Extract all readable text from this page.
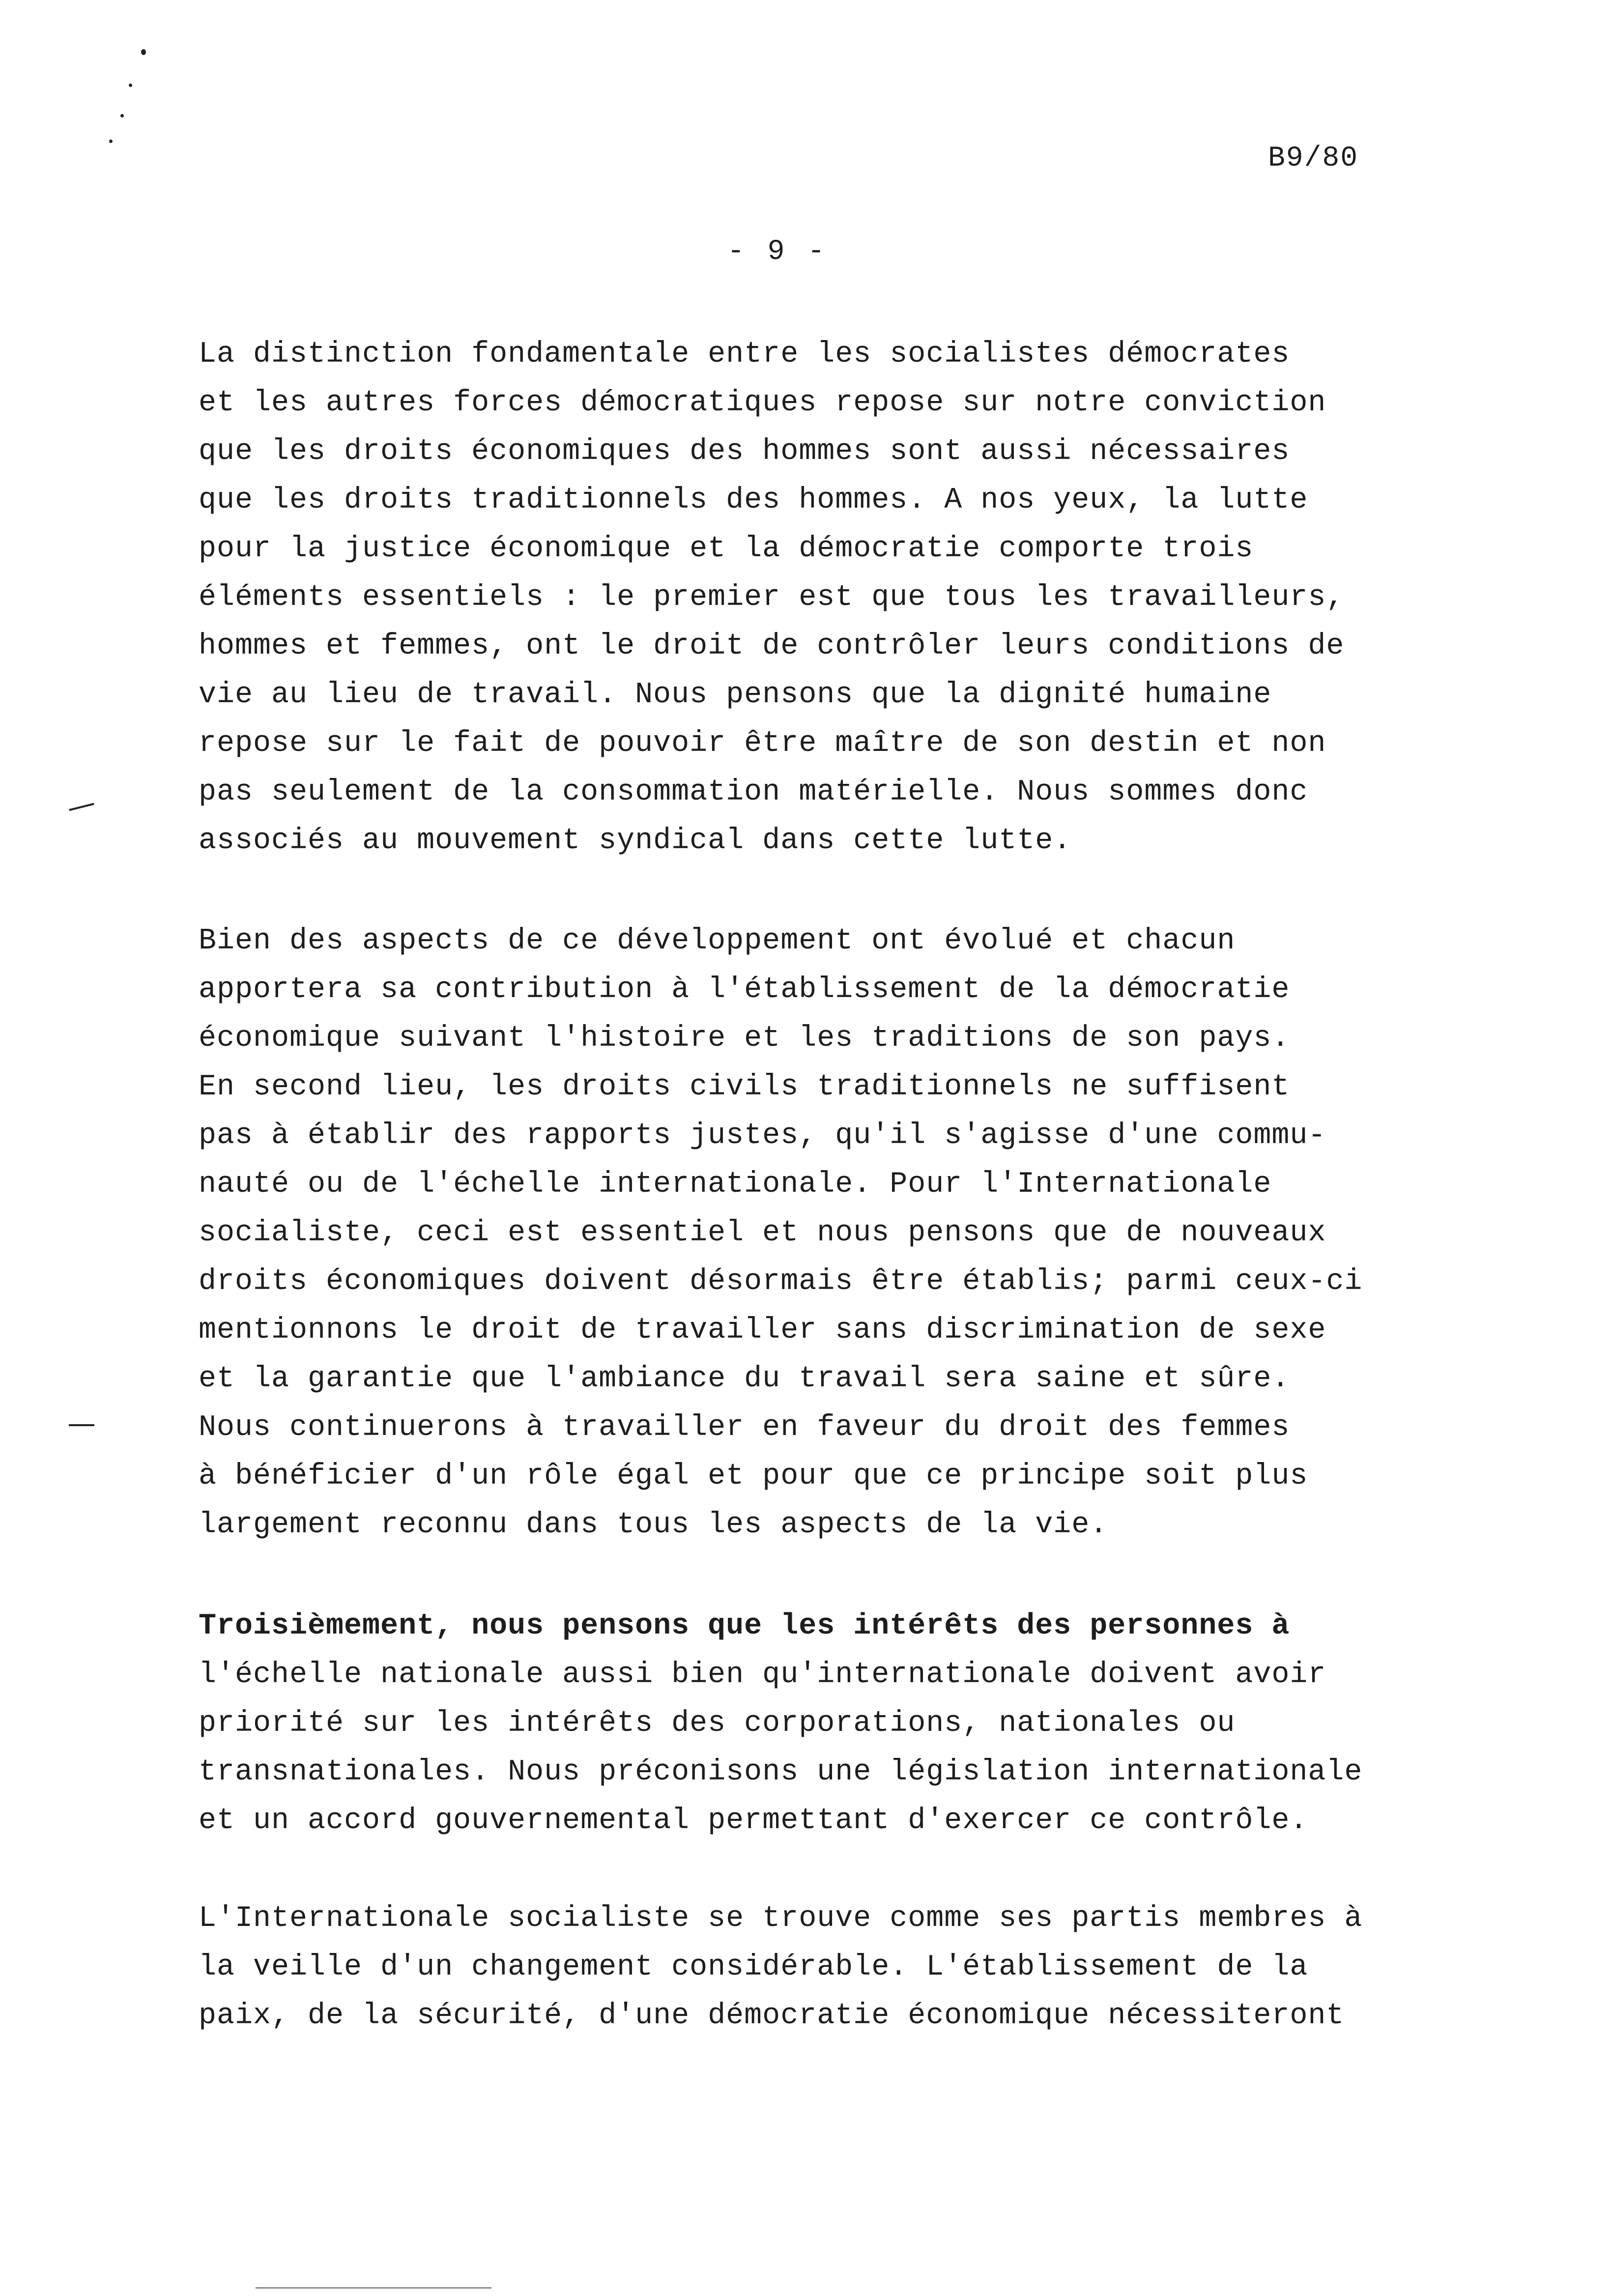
B9/80
- 9 -
La distinction fondamentale entre les socialistes démocrates
et les autres forces démocratiques repose sur notre conviction
que les droits économiques des hommes sont aussi nécessaires
que les droits traditionnels des hommes. A nos yeux, la lutte
pour la justice économique et la démocratie comporte trois
éléments essentiels : le premier est que tous les travailleurs,
hommes et femmes, ont le droit de contrôler leurs conditions de
vie au lieu de travail. Nous pensons que la dignité humaine
repose sur le fait de pouvoir être maître de son destin et non
pas seulement de la consommation matérielle. Nous sommes donc
associés au mouvement syndical dans cette lutte.
Bien des aspects de ce développement ont évolué et chacun
apportera sa contribution à l'établissement de la démocratie
économique suivant l'histoire et les traditions de son pays.
En second lieu, les droits civils traditionnels ne suffisent
pas à établir des rapports justes, qu'il s'agisse d'une commu-
nauté ou de l'échelle internationale. Pour l'Internationale
socialiste, ceci est essentiel et nous pensons que de nouveaux
droits économiques doivent désormais être établis; parmi ceux-ci
mentionnons le droit de travailler sans discrimination de sexe
et la garantie que l'ambiance du travail sera saine et sûre.
Nous continuerons à travailler en faveur du droit des femmes
à bénéficier d'un rôle égal et pour que ce principe soit plus
largement reconnu dans tous les aspects de la vie.
Troisièmement, nous pensons que les intérêts des personnes à
l'échelle nationale aussi bien qu'internationale doivent avoir
priorité sur les intérêts des corporations, nationales ou
transnationales. Nous préconisons une législation internationale
et un accord gouvernemental permettant d'exercer ce contrôle.
L'Internationale socialiste se trouve comme ses partis membres à
la veille d'un changement considérable. L'établissement de la
paix, de la sécurité, d'une démocratie économique nécessiteront
